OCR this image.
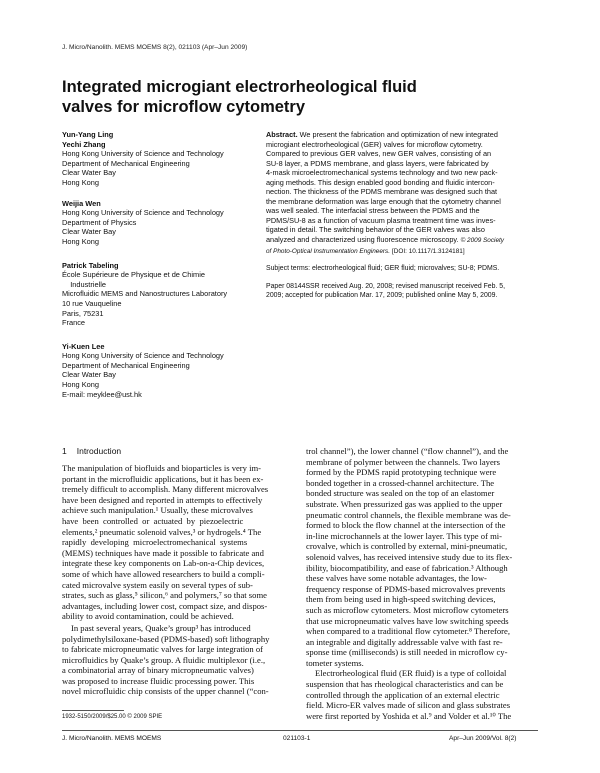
J. Micro/Nanolith. MEMS MOEMS 8(2), 021103 (Apr–Jun 2009)
Integrated microgiant electrorheological fluid
valves for microflow cytometry
Yun-Yang Ling
Yechi Zhang
Hong Kong University of Science and Technology
Department of Mechanical Engineering
Clear Water Bay
Hong Kong
Weijia Wen
Hong Kong University of Science and Technology
Department of Physics
Clear Water Bay
Hong Kong
Patrick Tabeling
École Supérieure de Physique et de Chimie
Industrielle
Microfluidic MEMS and Nanostructures Laboratory
10 rue Vauqueline
Paris, 75231
France
Yi-Kuen Lee
Hong Kong University of Science and Technology
Department of Mechanical Engineering
Clear Water Bay
Hong Kong
E-mail: meyklee@ust.hk
Abstract. We present the fabrication and optimization of new integrated
microgiant electrorheological (GER) valves for microflow cytometry.
Compared to previous GER valves, new GER valves, consisting of an
SU-8 layer, a PDMS membrane, and glass layers, were fabricated by
4-mask microelectromechanical systems technology and two new pack-
aging methods. This design enabled good bonding and fluidic intercon-
nection. The thickness of the PDMS membrane was designed such that
the membrane deformation was large enough that the cytometry channel
was well sealed. The interfacial stress between the PDMS and the
PDMS/SU-8 as a function of vacuum plasma treatment time was inves-
tigated in detail. The switching behavior of the GER valves was also
analyzed and characterized using fluorescence microscopy. © 2009 Society
of Photo-Optical Instrumentation Engineers. [DOI: 10.1117/1.3124181]
Subject terms: electrorheological fluid; GER fluid; microvalves; SU-8; PDMS.
Paper 08144SSR received Aug. 20, 2008; revised manuscript received Feb. 5,
2009; accepted for publication Mar. 17, 2009; published online May 5, 2009.
1 Introduction

The manipulation of biofluids and bioparticles is very im-
portant in the microfluidic applications, but it has been ex-
tremely difficult to accomplish. Many different microvalves
have been designed and reported in attempts to effectively
achieve such manipulation.¹ Usually, these microvalves
have  been  controlled  or  actuated  by  piezoelectric
elements,² pneumatic solenoid valves,³ or hydrogels.⁴ The
rapidly  developing  microelectromechanical  systems
(MEMS) techniques have made it possible to fabricate and
integrate these key components on Lab-on-a-Chip devices,
some of which have allowed researchers to build a compli-
cated microvalve system easily on several types of sub-
strates, such as glass,⁵ silicon,⁶ and polymers,⁷ so that some
advantages, including lower cost, compact size, and dispos-
ability to avoid contamination, could be achieved.

In past several years, Quake’s group³ has introduced
polydimethylsiloxane-based (PDMS-based) soft lithography
to fabricate micropneumatic valves for large integration of
microfluidics by Quake’s group. A fluidic multiplexor (i.e.,
a combinatorial array of binary micropneumatic valves)
was proposed to increase fluidic processing power. This
novel microfluidic chip consists of the upper channel (“con-

trol channel”), the lower channel (“flow channel”), and the
membrane of polymer between the channels. Two layers
formed by the PDMS rapid prototyping technique were
bonded together in a crossed-channel architecture. The
bonded structure was sealed on the top of an elastomer
substrate. When pressurized gas was applied to the upper
pneumatic control channels, the flexible membrane was de-
formed to block the flow channel at the intersection of the
in-line microchannels at the lower layer. This type of mi-
crovalve, which is controlled by external, mini-pneumatic,
solenoid valves, has received intensive study due to its flex-
ibility, biocompatibility, and ease of fabrication.³ Although
these valves have some notable advantages, the low-
frequency response of PDMS-based microvalves prevents
them from being used in high-speed switching devices,
such as microflow cytometers. Most microflow cytometers
that use micropneumatic valves have low switching speeds
when compared to a traditional flow cytometer.⁸ Therefore,
an integrable and digitally addressable valve with fast re-
sponse time (milliseconds) is still needed in microflow cy-
tometer systems.

Electrorheological fluid (ER fluid) is a type of colloidal
suspension that has rheological characteristics and can be
controlled through the application of an external electric
field. Micro-ER valves made of silicon and glass substrates
were first reported by Yoshida et al.⁹ and Volder et al.¹⁰ The

1932-5150/2009/$25.00 © 2009 SPIE
J. Micro/Nanolith. MEMS MOEMS	021103-1	Apr–Jun 2009/Vol. 8(2)
